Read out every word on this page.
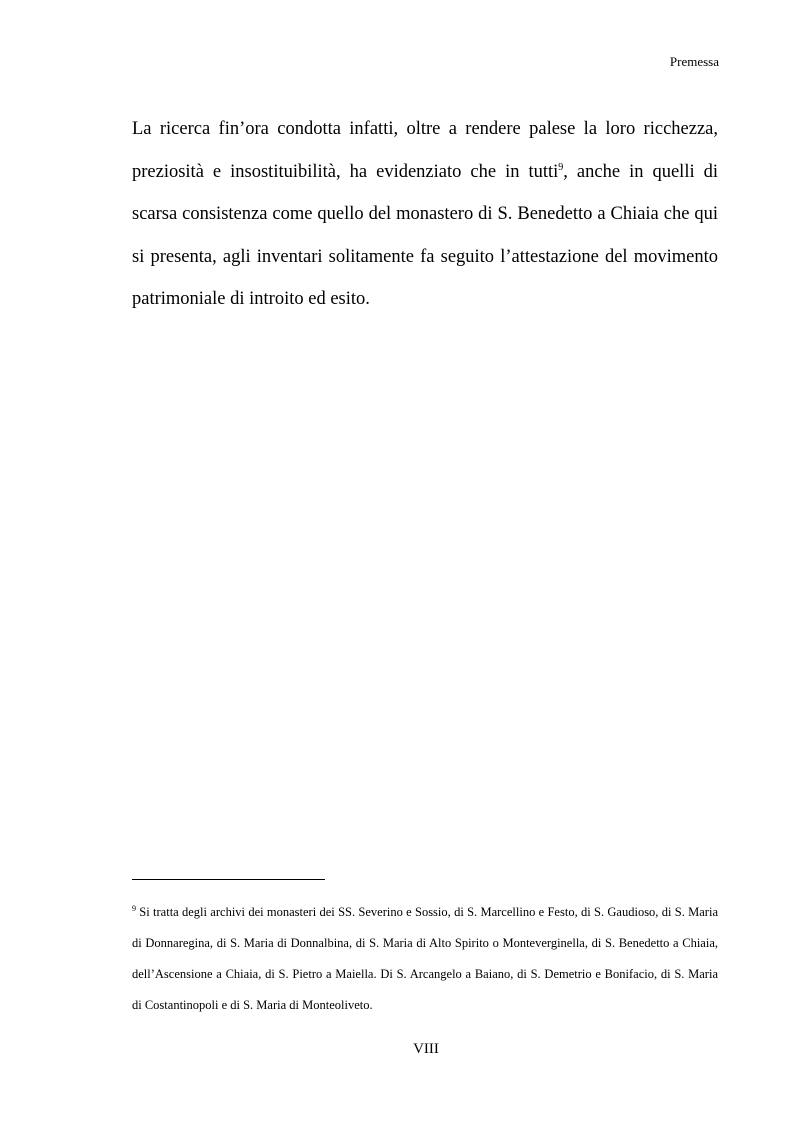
Premessa

La ricerca fin’ora condotta infatti, oltre a rendere palese la loro ricchezza, preziosità e insostituibilità, ha evidenziato che in tutti$^9$, anche in quelli di scarsa consistenza come quello del monastero di S. Benedetto a Chiaia che qui si presenta, agli inventari solitamente fa seguito l’attestazione del movimento patrimoniale di introito ed esito.

$^9$ Si tratta degli archivi dei monasteri dei SS. Severino e Sossio, di S. Marcellino e Festo, di S. Gaudioso, di S. Maria di Donnaregina, di S. Maria di Donnalbina, di S. Maria di Alto Spirito o Monteverginella, di S. Benedetto a Chiaia, dell’Ascensione a Chiaia, di S. Pietro a Maiella. Di S. Arcangelo a Baiano, di S. Demetrio e Bonifacio, di S. Maria di Costantinopoli e di S. Maria di Monteoliveto.

VIII
